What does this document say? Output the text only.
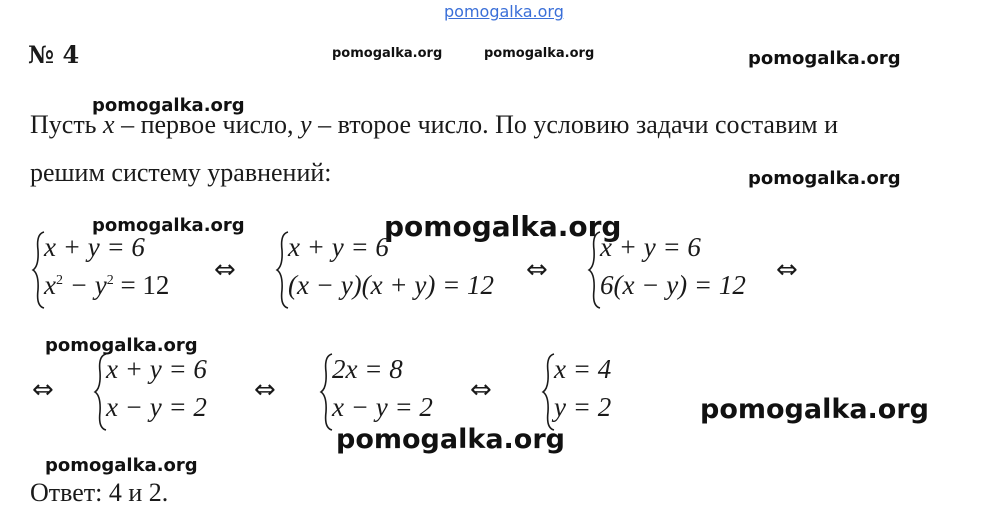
pomogalka.org
№ 4	pomogalka.org	pomogalka.org	pomogalka.org
pomogalka.org
Пусть x – первое число, y – второе число. По условию задачи составим и
решим систему уравнений:	pomogalka.org
pomogalka.org	pomogalka.org
x + y = 6
$x^2 - y^2 = 12$ ⇔
x + y = 6
(x − y)(x + y) = 12 ⇔
x + y = 6
6(x − y) = 12 ⇔
pomogalka.org
⇔
x + y = 6
x − y = 2
⇔
2x = 8
x − y = 2
⇔
x = 4
y = 2	pomogalka.org
pomogalka.org
pomogalka.org
Ответ: 4 и 2.
